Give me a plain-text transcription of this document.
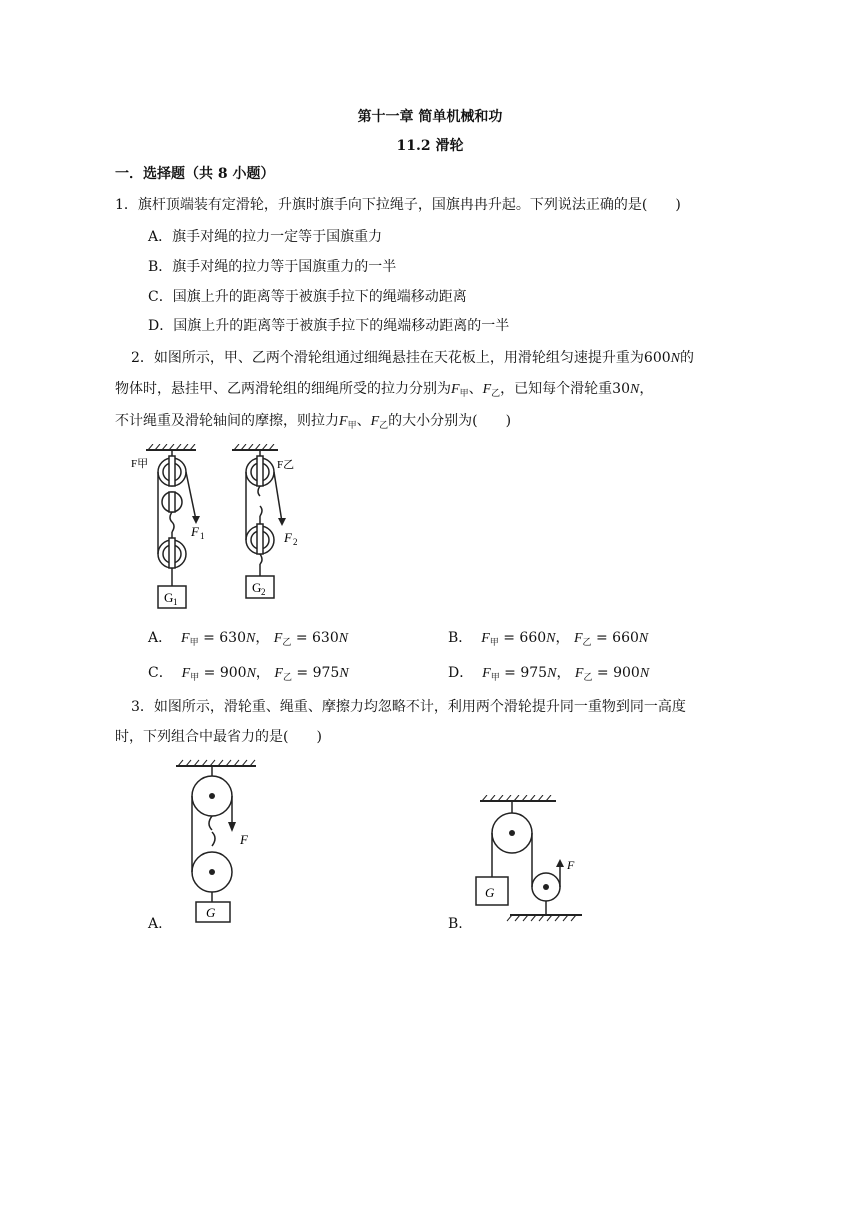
第十一章 简单机械和功
11.2 滑轮
一．选择题（共 8 小题）
1．旗杆顶端装有定滑轮，升旗时旗手向下拉绳子，国旗冉冉升起。下列说法正确的是(　　)
A．旗手对绳的拉力一定等于国旗重力
B．旗手对绳的拉力等于国旗重力的一半
C．国旗上升的距离等于被旗手拉下的绳端移动距离
D．国旗上升的距离等于被旗手拉下的绳端移动距离的一半
2．如图所示，甲、乙两个滑轮组通过细绳悬挂在天花板上，用滑轮组匀速提升重为600N的
物体时，悬挂甲、乙两滑轮组的细绳所受的拉力分别为$F_甲$、$F_乙$，已知每个滑轮重30N，
不计绳重及滑轮轴间的摩擦，则拉力$F_甲$、$F_乙$的大小分别为(　　)
F甲
F 1
G 1
F乙
F 2
G 2
A． $F_甲 = 630N$， $F_乙 = 630N$	B． $F_甲 = 660N$， $F_乙 = 660N$
C． $F_甲 = 900N$， $F_乙 = 975N$	D． $F_甲 = 975N$， $F_乙 = 900N$
3．如图所示，滑轮重、绳重、摩擦力均忽略不计，利用两个滑轮提升同一重物到同一高度
时，下列组合中最省力的是(　　)
F
G
A.
F
G
B.
